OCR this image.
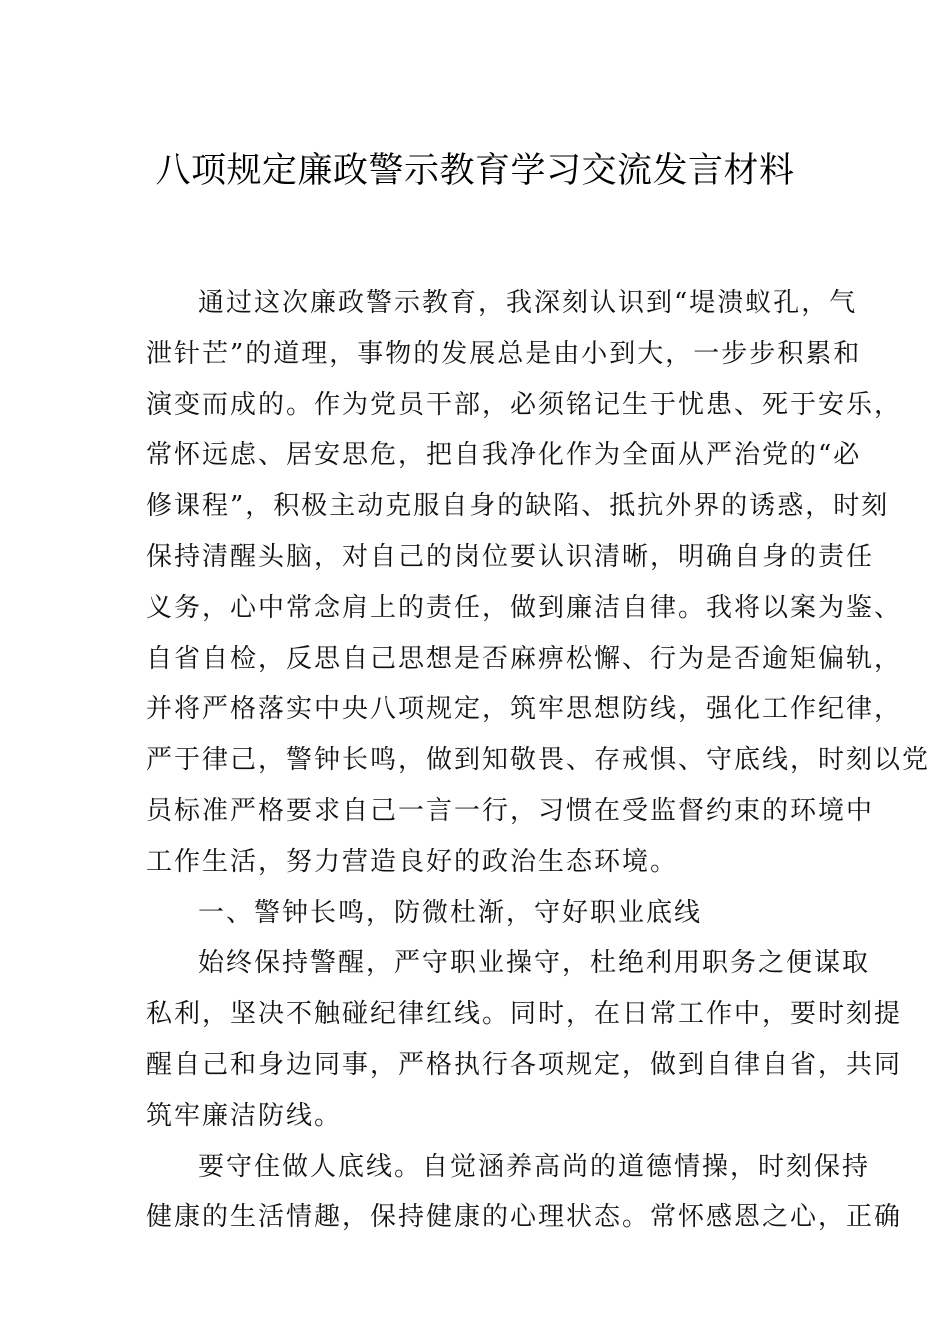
八项规定廉政警示教育学习交流发言材料
通过这次廉政警示教育，我深刻认识到“堤溃蚁孔，气
泄针芒”的道理，事物的发展总是由小到大，一步步积累和
演变而成的。作为党员干部，必须铭记生于忧患、死于安乐，
常怀远虑、居安思危，把自我净化作为全面从严治党的“必
修课程”，积极主动克服自身的缺陷、抵抗外界的诱惑，时刻
保持清醒头脑，对自己的岗位要认识清晰，明确自身的责任
义务，心中常念肩上的责任，做到廉洁自律。我将以案为鉴、
自省自检，反思自己思想是否麻痹松懈、行为是否逾矩偏轨，
并将严格落实中央八项规定，筑牢思想防线，强化工作纪律，
严于律己，警钟长鸣，做到知敬畏、存戒惧、守底线，时刻以党
员标准严格要求自己一言一行，习惯在受监督约束的环境中
工作生活，努力营造良好的政治生态环境。
一、警钟长鸣，防微杜渐，守好职业底线
始终保持警醒，严守职业操守，杜绝利用职务之便谋取
私利，坚决不触碰纪律红线。同时，在日常工作中，要时刻提
醒自己和身边同事，严格执行各项规定，做到自律自省，共同
筑牢廉洁防线。
要守住做人底线。自觉涵养高尚的道德情操，时刻保持
健康的生活情趣，保持健康的心理状态。常怀感恩之心，正确
